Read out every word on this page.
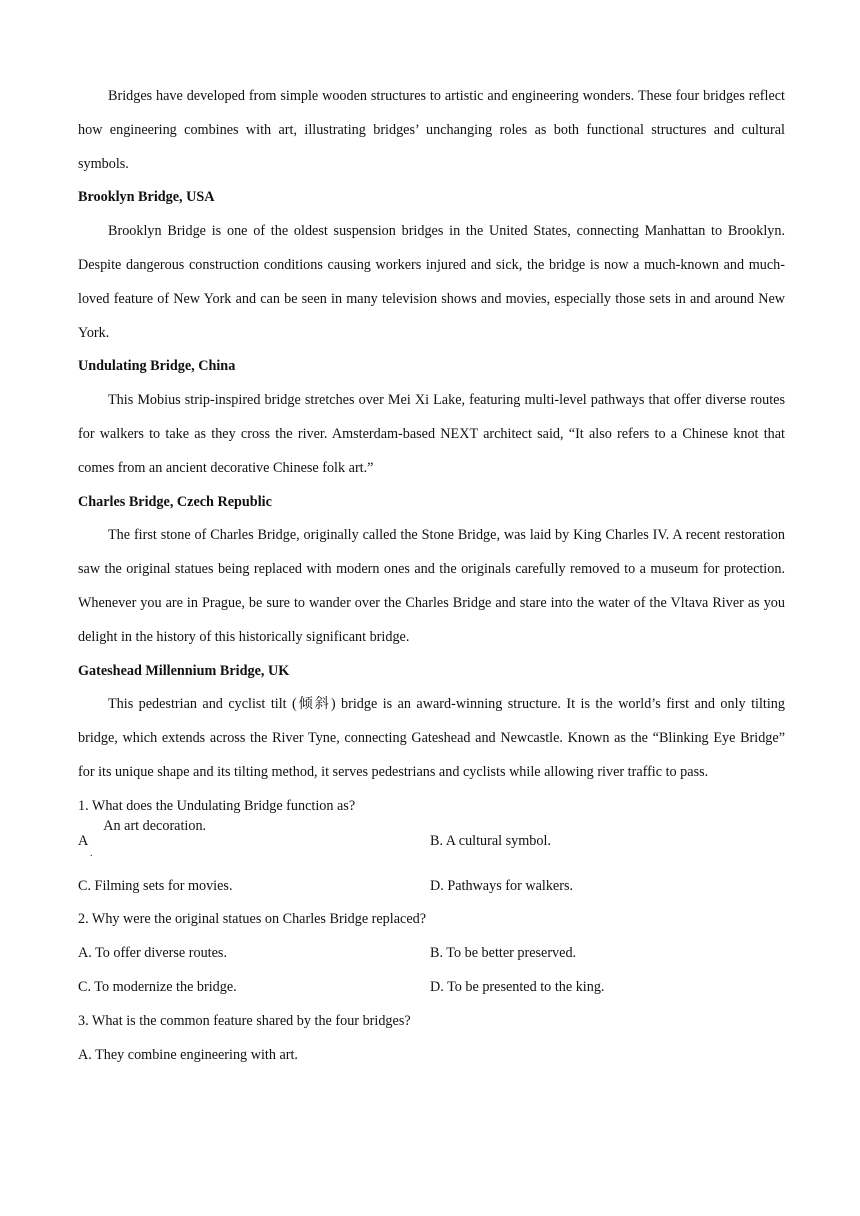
Bridges have developed from simple wooden structures to artistic and engineering wonders. These four bridges reflect how engineering combines with art, illustrating bridges’ unchanging roles as both functional structures and cultural symbols.

Brooklyn Bridge, USA

Brooklyn Bridge is one of the oldest suspension bridges in the United States, connecting Manhattan to Brooklyn. Despite dangerous construction conditions causing workers injured and sick, the bridge is now a much-known and much-loved feature of New York and can be seen in many television shows and movies, especially those sets in and around New York.

Undulating Bridge, China

This Mobius strip-inspired bridge stretches over Mei Xi Lake, featuring multi-level pathways that offer diverse routes for walkers to take as they cross the river. Amsterdam-based NEXT architect said, “It also refers to a Chinese knot that comes from an ancient decorative Chinese folk art.”

Charles Bridge, Czech Republic

The first stone of Charles Bridge, originally called the Stone Bridge, was laid by King Charles IV. A recent restoration saw the original statues being replaced with modern ones and the originals carefully removed to a museum for protection. Whenever you are in Prague, be sure to wander over the Charles Bridge and stare into the water of the Vltava River as you delight in the history of this historically significant bridge.

Gateshead Millennium Bridge, UK

This pedestrian and cyclist tilt (倾斜) bridge is an award-winning structure. It is the world’s first and only tilting bridge, which extends across the River Tyne, connecting Gateshead and Newcastle. Known as the “Blinking Eye Bridge” for its unique shape and its tilting method, it serves pedestrians and cyclists while allowing river traffic to pass.

1. What does the Undulating Bridge function as?

A
.
An art decoration.
B. A cultural symbol.
C. Filming sets for movies.	D. Pathways for walkers.

2. Why were the original statues on Charles Bridge replaced?

A. To offer diverse routes.	B. To be better preserved.
C. To modernize the bridge.	D. To be presented to the king.

3. What is the common feature shared by the four bridges?

A. They combine engineering with art.
